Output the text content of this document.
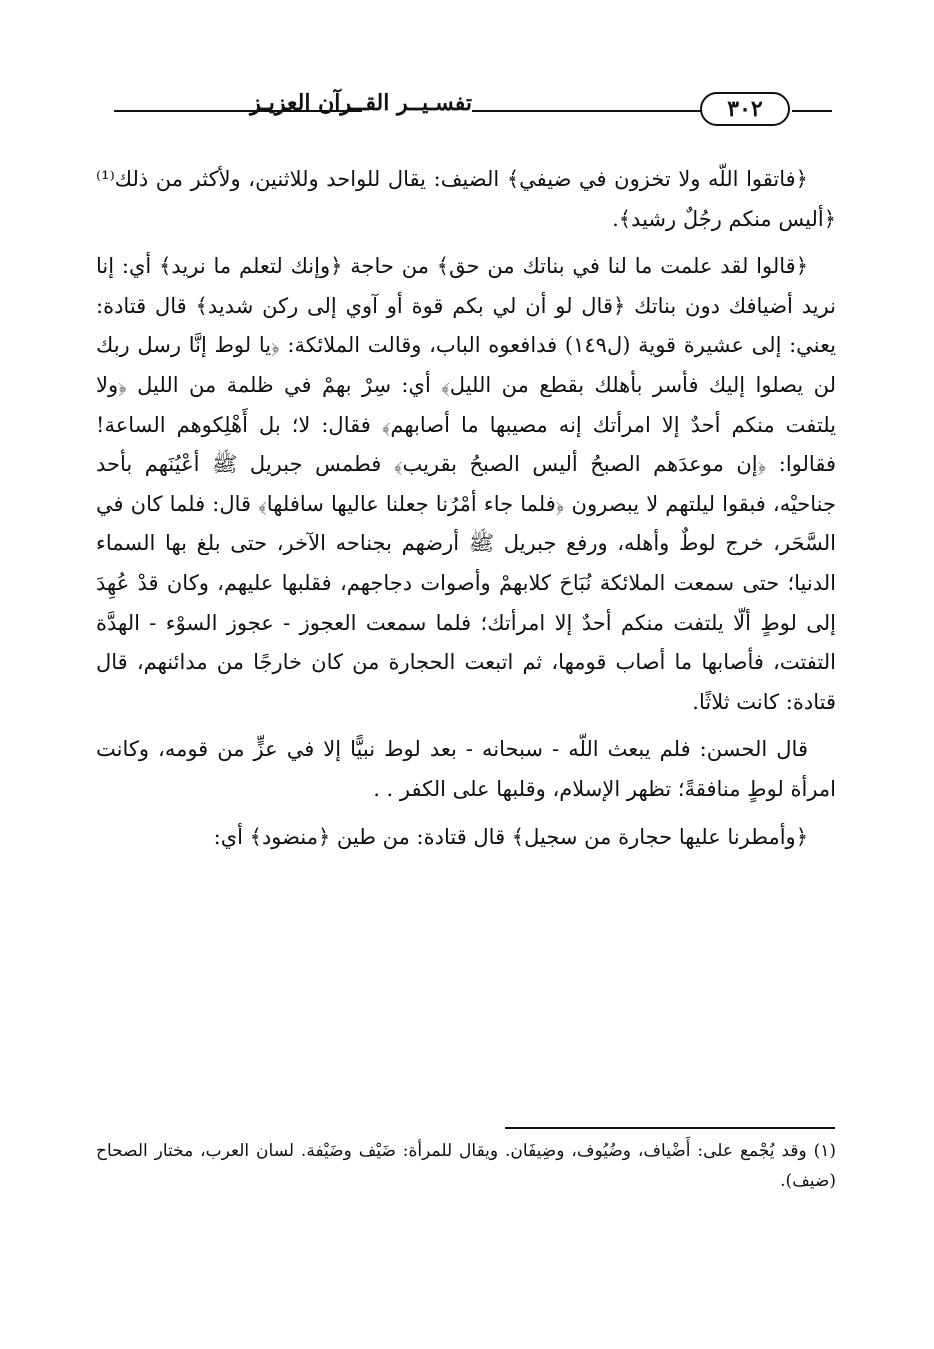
تفسـيــر القــرآن العزيـز	٣٠٢

﴿فاتقوا اللّه ولا تخزون في ضيفي﴾ الضيف: يقال للواحد وللاثنين، ولأكثر من ذلك⁽¹⁾ ﴿أليس منكم رجُلٌ رشيد﴾.

﴿قالوا لقد علمت ما لنا في بناتك من حق﴾ من حاجة ﴿وإنك لتعلم ما نريد﴾ أي: إنا نريد أضيافك دون بناتك ﴿قال لو أن لي بكم قوة أو آوي إلى ركن شديد﴾ قال قتادة: يعني: إلى عشيرة قوية (ل١٤٩) فدافعوه الباب، وقالت الملائكة: ﴿يا لوط إنَّا رسل ربك لن يصلوا إليك فأسر بأهلك بقطع من الليل﴾ أي: سِرْ بهمْ في ظلمة من الليل ﴿ولا يلتفت منكم أحدٌ إلا امرأتك إنه مصيبها ما أصابهم﴾ فقال: لا؛ بل أَهْلِكوهم الساعة! فقالوا: ﴿إن موعدَهم الصبحُ أليس الصبحُ بقريب﴾ فطمس جبريل ﷺ أعْيُنَهم بأحد جناحيْه، فبقوا ليلتهم لا يبصرون ﴿فلما جاء أمْرُنا جعلنا عاليها سافلها﴾ قال: فلما كان في السَّحَر، خرج لوطٌ وأهله، ورفع جبريل ﷺ أرضهم بجناحه الآخر، حتى بلغ بها السماء الدنيا؛ حتى سمعت الملائكة نُبَاحَ كلابهمْ وأصوات دجاجهم، فقلبها عليهم، وكان قدْ عُهِدَ إلى لوطٍ ألّا يلتفت منكم أحدٌ إلا امرأتك؛ فلما سمعت العجوز - عجوز السوْء - الهدَّة التفتت، فأصابها ما أصاب قومها، ثم اتبعت الحجارة من كان خارجًا من مدائنهم، قال قتادة: كانت ثلاثًا.

قال الحسن: فلم يبعث اللّه - سبحانه - بعد لوط نبيًّا إلا في عزٍّ من قومه، وكانت امرأة لوطٍ منافقةً؛ تظهر الإسلام، وقلبها على الكفر . .

﴿وأمطرنا عليها حجارة من سجيل﴾ قال قتادة: من طين ﴿منضود﴾ أي:

(١) وقد يُجْمع على: أَضْياف، وضُيُوف، وضِيفَان. ويقال للمرأة: ضَيْف وضَيْفة. لسان العرب، مختار الصحاح (ضيف).
